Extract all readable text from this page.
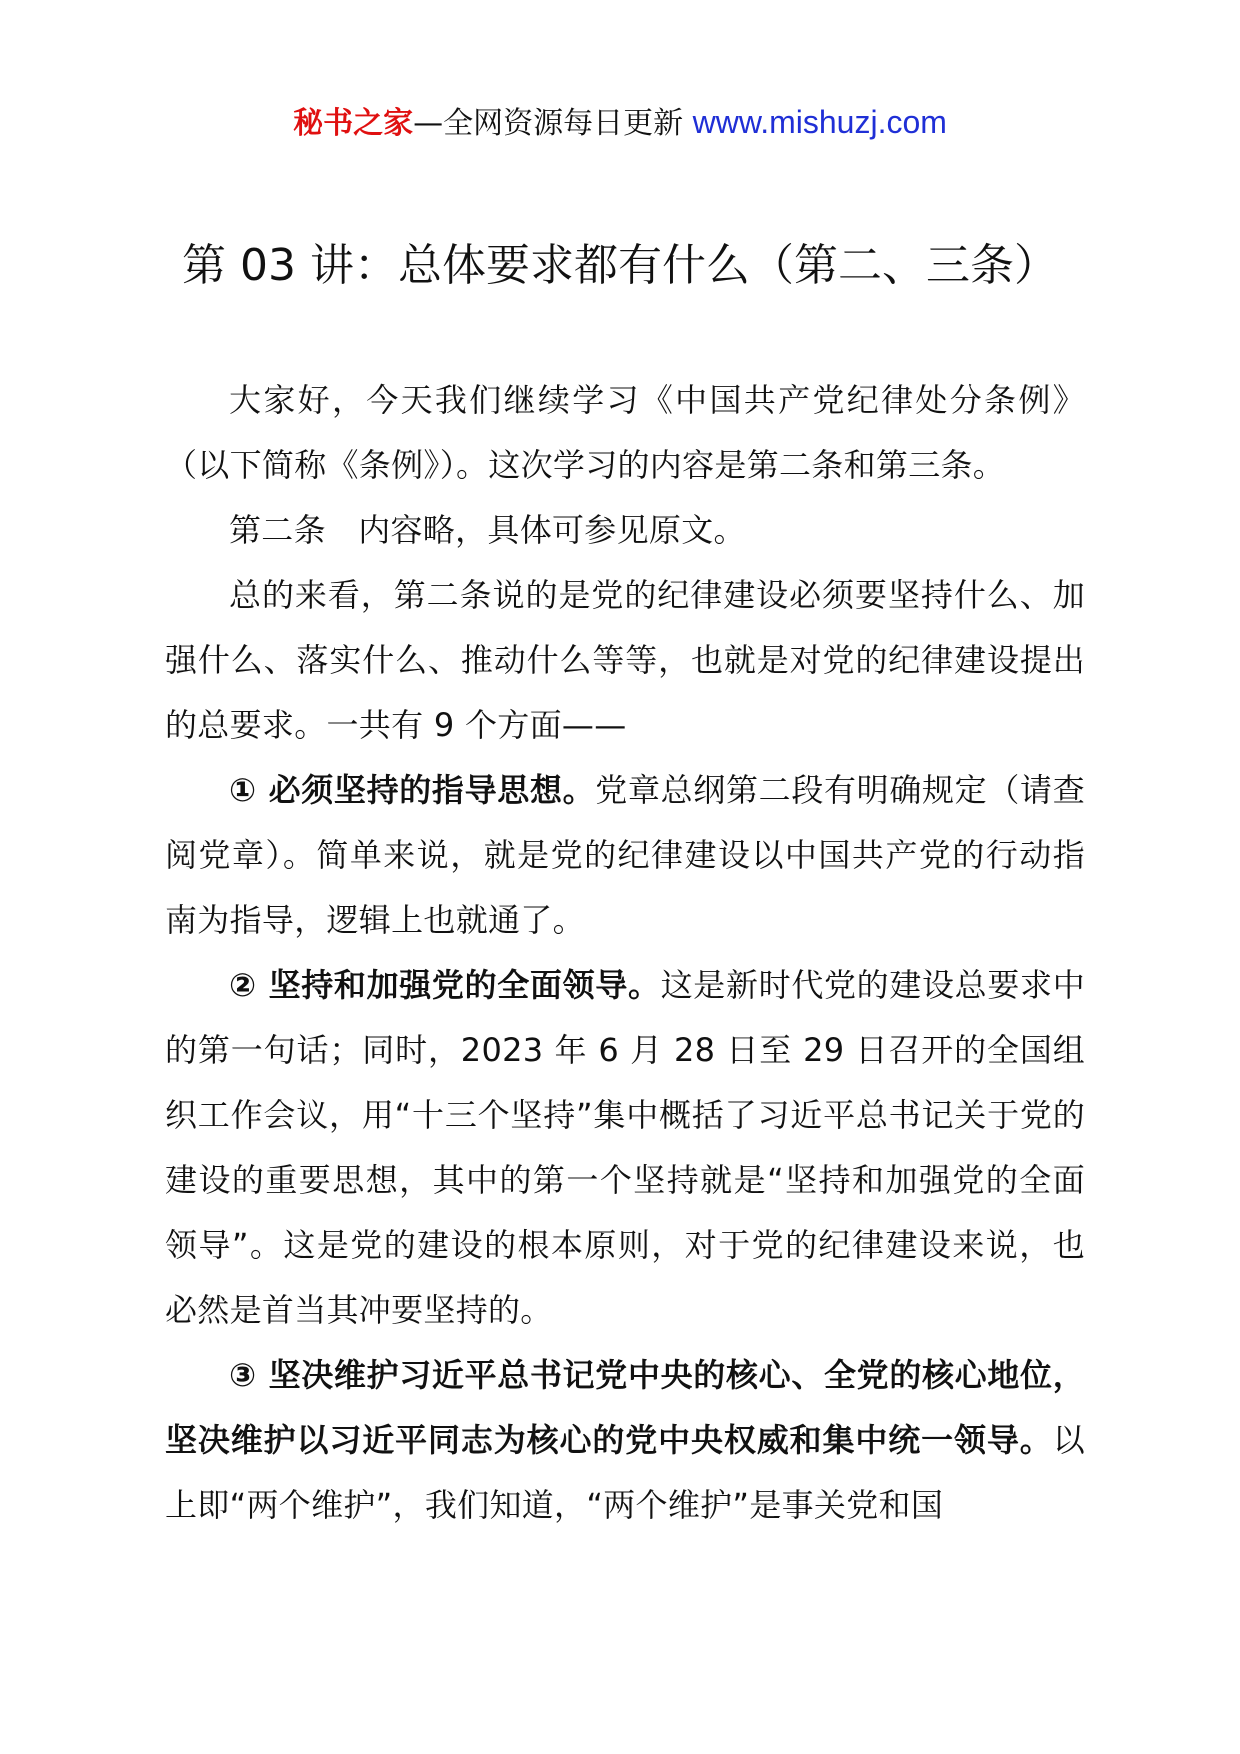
秘书之家—全网资源每日更新 www.mishuzj.com
第 03 讲：总体要求都有什么（第二、三条）

大家好，今天我们继续学习《中国共产党纪律处分条例》（以下简称《条例》）。这次学习的内容是第二条和第三条。

第二条　内容略，具体可参见原文。

总的来看，第二条说的是党的纪律建设必须要坚持什么、加强什么、落实什么、推动什么等等，也就是对党的纪律建设提出的总要求。一共有 9 个方面——

① 必须坚持的指导思想。党章总纲第二段有明确规定（请查阅党章）。简单来说，就是党的纪律建设以中国共产党的行动指南为指导，逻辑上也就通了。

② 坚持和加强党的全面领导。这是新时代党的建设总要求中的第一句话；同时，2023 年 6 月 28 日至 29 日召开的全国组织工作会议，用“十三个坚持”集中概括了习近平总书记关于党的建设的重要思想，其中的第一个坚持就是“坚持和加强党的全面领导”。这是党的建设的根本原则，对于党的纪律建设来说，也必然是首当其冲要坚持的。

③ 坚决维护习近平总书记党中央的核心、全党的核心地位，坚决维护以习近平同志为核心的党中央权威和集中统一领导。以上即“两个维护”，我们知道，“两个维护”是事关党和国
